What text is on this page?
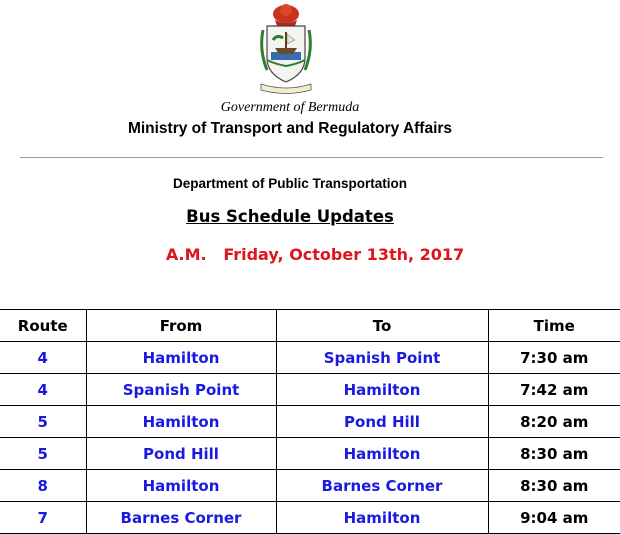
Government of Bermuda
Ministry of Transport and Regulatory Affairs
Department of Public Transportation
Bus Schedule Updates
A.M. Friday, October 13th, 2017
Route	From	To	Time
4	Hamilton	Spanish Point	7:30 am
4	Spanish Point	Hamilton	7:42 am
5	Hamilton	Pond Hill	8:20 am
5	Pond Hill	Hamilton	8:30 am
8	Hamilton	Barnes Corner	8:30 am
7	Barnes Corner	Hamilton	9:04 am
